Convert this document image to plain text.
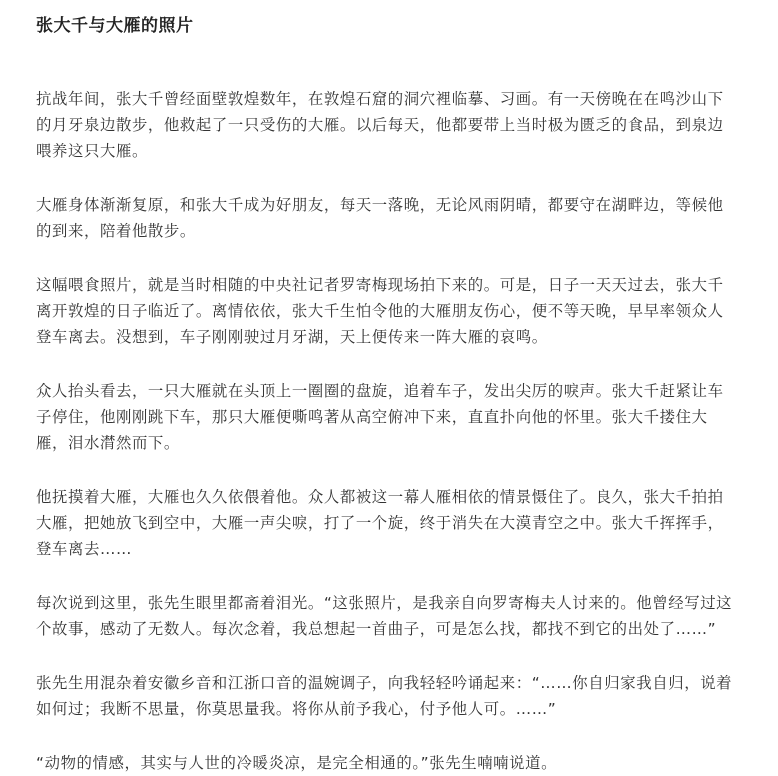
张大千与大雁的照片

抗战年间，张大千曾经面壁敦煌数年，在敦煌石窟的洞穴裡临摹、习画。有一天傍晚在在鸣沙山下的月牙泉边散步，他救起了一只受伤的大雁。以后每天，他都要带上当时极为匮乏的食品，到泉边喂养这只大雁。

大雁身体渐渐复原，和张大千成为好朋友，每天一落晚，无论风雨阴晴，都要守在湖畔边，等候他的到来，陪着他散步。

这幅喂食照片，就是当时相随的中央社记者罗寄梅现场拍下来的。可是，日子一天天过去，张大千离开敦煌的日子临近了。离情依依，张大千生怕令他的大雁朋友伤心，便不等天晚，早早率领众人登车离去。没想到，车子刚刚驶过月牙湖，天上便传来一阵大雁的哀鸣。

众人抬头看去，一只大雁就在头顶上一圈圈的盘旋，追着车子，发出尖厉的唳声。张大千赶紧让车子停住，他刚刚跳下车，那只大雁便嘶鸣著从高空俯冲下来，直直扑向他的怀里。张大千搂住大雁，泪水潸然而下。

他抚摸着大雁，大雁也久久依偎着他。众人都被这一幕人雁相依的情景慑住了。良久，张大千拍拍大雁，把她放飞到空中，大雁一声尖唳，打了一个旋，终于消失在大漠青空之中。张大千挥挥手，登车离去……

每次说到这里，张先生眼里都斋着泪光。“这张照片，是我亲自向罗寄梅夫人讨来的。他曾经写过这个故事，感动了无数人。每次念着，我总想起一首曲子，可是怎么找，都找不到它的出处了……”

张先生用混杂着安徽乡音和江浙口音的温婉调子，向我轻轻吟诵起来：“……你自归家我自归，说着如何过；我断不思量，你莫思量我。将你从前予我心，付予他人可。……”

“动物的情感，其实与人世的冷暖炎凉，是完全相通的。”张先生喃喃说道。
